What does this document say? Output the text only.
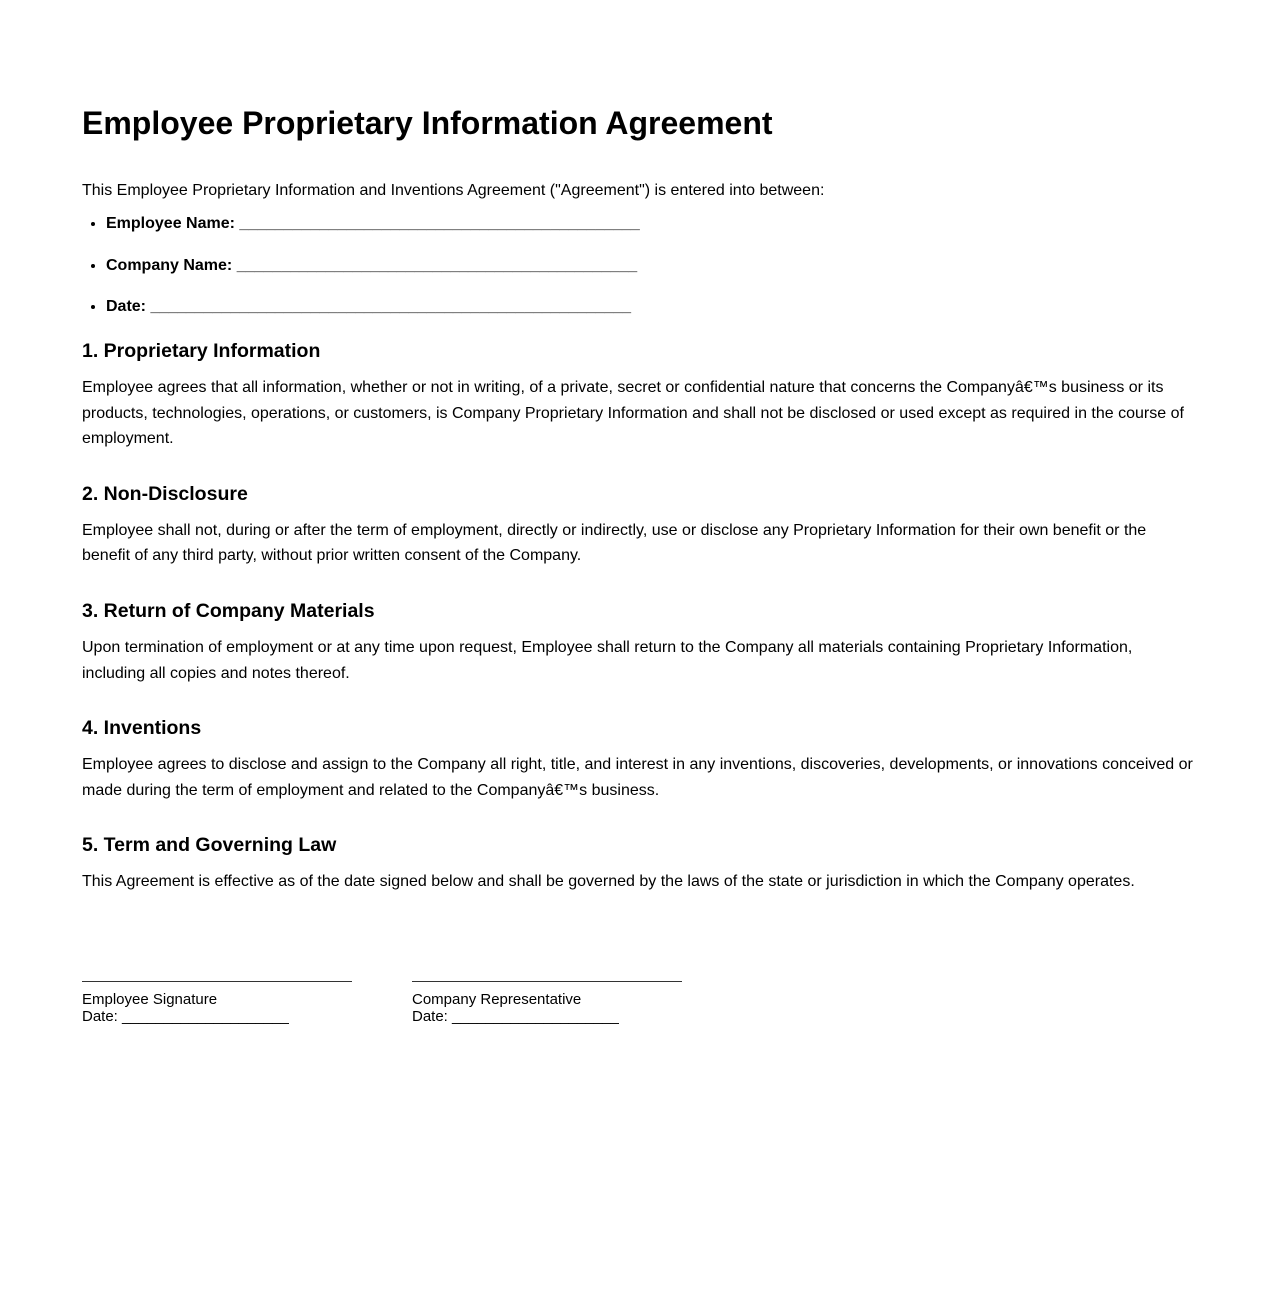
Employee Proprietary Information Agreement

This Employee Proprietary Information and Inventions Agreement ("Agreement") is entered into between:

• Employee Name: _____________________________________________
• Company Name: _____________________________________________
• Date: ______________________________________________________
1. Proprietary Information

Employee agrees that all information, whether or not in writing, of a private, secret or confidential nature that concerns the Companyâ€™s business or its products, technologies, operations, or customers, is Company Proprietary Information and shall not be disclosed or used except as required in the course of employment.

2. Non-Disclosure

Employee shall not, during or after the term of employment, directly or indirectly, use or disclose any Proprietary Information for their own benefit or the benefit of any third party, without prior written consent of the Company.

3. Return of Company Materials

Upon termination of employment or at any time upon request, Employee shall return to the Company all materials containing Proprietary Information, including all copies and notes thereof.

4. Inventions

Employee agrees to disclose and assign to the Company all right, title, and interest in any inventions, discoveries, developments, or innovations conceived or made during the term of employment and related to the Companyâ€™s business.

5. Term and Governing Law

This Agreement is effective as of the date signed below and shall be governed by the laws of the state or jurisdiction in which the Company operates.

Employee Signature
Date: ____________________
Company Representative
Date: ____________________
